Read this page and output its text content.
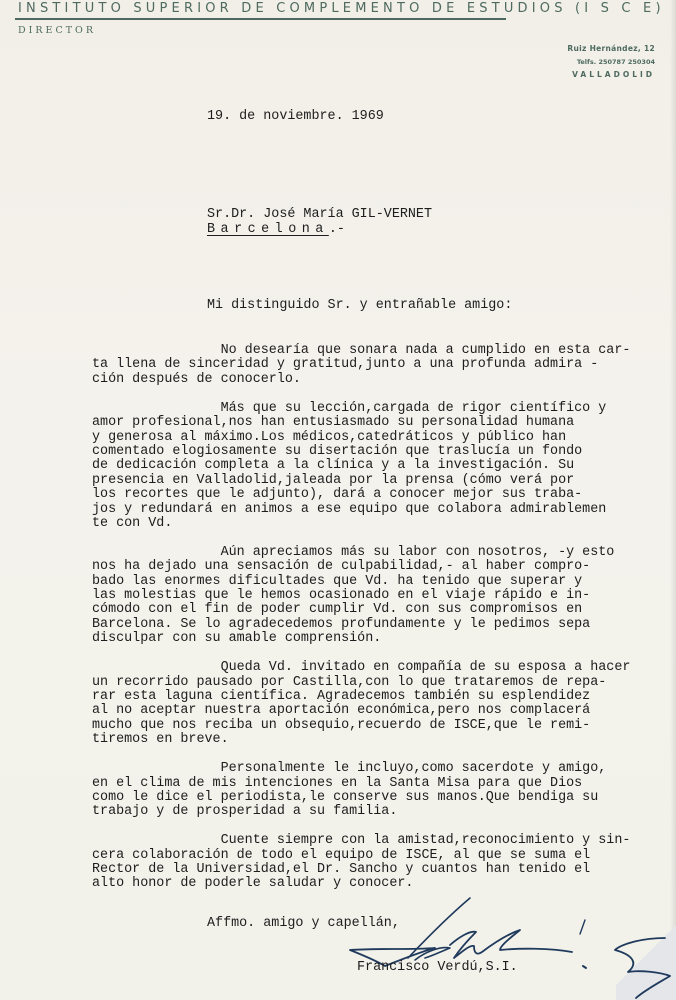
INSTITUTO SUPERIOR DE COMPLEMENTO DE ESTUDIOS (I S C E)
DIRECTOR
Ruiz Hernández, 12
Telfs. 250787 250304
VALLADOLID
19. de noviembre. 1969
Sr.Dr. José María GIL-VERNET
Barcelona.-
Mi distinguido Sr. y entrañable amigo:
No desearía que sonara nada a cumplido en esta car-
ta llena de sinceridad y gratitud,junto a una profunda admira -
ción después de conocerlo.
Más que su lección,cargada de rigor científico y
amor profesional,nos han entusiasmado su personalidad humana
y generosa al máximo.Los médicos,catedráticos y público han
comentado elogiosamente su disertación que traslucía un fondo
de dedicación completa a la clínica y a la investigación. Su
presencia en Valladolid,jaleada por la prensa (cómo verá por
los recortes que le adjunto), dará a conocer mejor sus traba-
jos y redundará en animos a ese equipo que colabora admirablemen
te con Vd.
Aún apreciamos más su labor con nosotros, -y esto
nos ha dejado una sensación de culpabilidad,- al haber compro-
bado las enormes dificultades que Vd. ha tenido que superar y
las molestias que le hemos ocasionado en el viaje rápido e in-
cómodo con el fin de poder cumplir Vd. con sus compromisos en
Barcelona. Se lo agradecedemos profundamente y le pedimos sepa
disculpar con su amable comprensión.
Queda Vd. invitado en compañía de su esposa a hacer
un recorrido pausado por Castilla,con lo que trataremos de repa-
rar esta laguna científica. Agradecemos también su esplendidez
al no aceptar nuestra aportación económica,pero nos complacerá
mucho que nos reciba un obsequio,recuerdo de ISCE,que le remi-
tiremos en breve.
Personalmente le incluyo,como sacerdote y amigo,
en el clima de mis intenciones en la Santa Misa para que Dios
como le dice el periodista,le conserve sus manos.Que bendiga su
trabajo y de prosperidad a su familia.
Cuente siempre con la amistad,reconocimiento y sin-
cera colaboración de todo el equipo de ISCE, al que se suma el
Rector de la Universidad,el Dr. Sancho y cuantos han tenido el
alto honor de poderle saludar y conocer.
Affmo. amigo y capellán,
Francisco Verdú,S.I.
